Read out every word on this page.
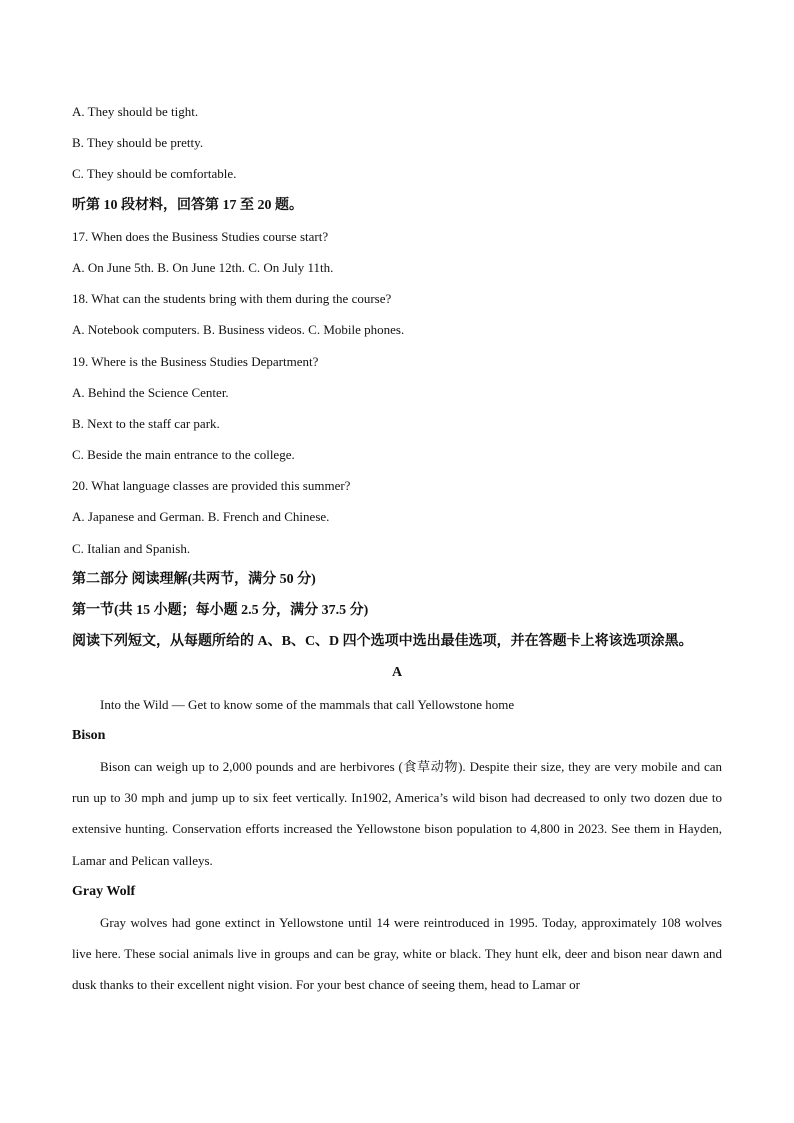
A. They should be tight.
B. They should be pretty.
C. They should be comfortable.
听第 10 段材料，回答第 17 至 20 题。
17. When does the Business Studies course start?
A. On June 5th. B. On June 12th. C. On July 11th.
18. What can the students bring with them during the course?
A. Notebook computers. B. Business videos. C. Mobile phones.
19. Where is the Business Studies Department?
A. Behind the Science Center.
B. Next to the staff car park.
C. Beside the main entrance to the college.
20. What language classes are provided this summer?
A. Japanese and German. B. French and Chinese.
C. Italian and Spanish.
第二部分 阅读理解(共两节，满分 50 分)
第一节(共 15 小题；每小题 2.5 分，满分 37.5 分)
阅读下列短文，从每题所给的 A、B、C、D 四个选项中选出最佳选项，并在答题卡上将该选项涂黑。
A
Into the Wild — Get to know some of the mammals that call Yellowstone home
Bison

Bison can weigh up to 2,000 pounds and are herbivores (食草动物). Despite their size, they are very mobile and can run up to 30 mph and jump up to six feet vertically. In1902, America’s wild bison had decreased to only two dozen due to extensive hunting. Conservation efforts increased the Yellowstone bison population to 4,800 in 2023. See them in Hayden, Lamar and Pelican valleys.

Gray Wolf

Gray wolves had gone extinct in Yellowstone until 14 were reintroduced in 1995. Today, approximately 108 wolves live here. These social animals live in groups and can be gray, white or black. They hunt elk, deer and bison near dawn and dusk thanks to their excellent night vision. For your best chance of seeing them, head to Lamar or
